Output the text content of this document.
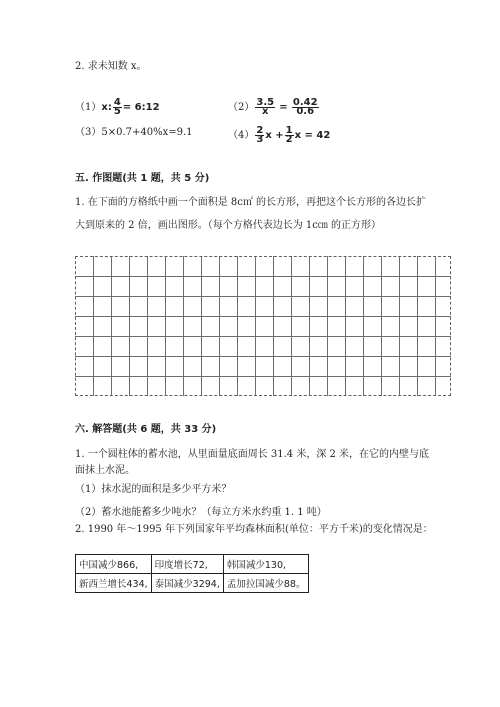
2. 求未知数 x。
（1）x: $\frac{4}{5}$ = 6:12	$(2) \frac{3.5}{x} = \frac{0.42}{0.6}$
（3）5×0.7+40%x=9.1	$(4) \frac{2}{3}$ $x + \frac{1}{2}$ x = 42
五. 作图题(共 1 题，共 5 分)
1. 在下面的方格纸中画一个面积是 8c㎡ 的长方形，再把这个长方形的各边长扩
大到原来的 2 倍，画出图形。（每个方格代表边长为 1c㎝ 的正方形）
六. 解答题(共 6 题，共 33 分)
1. 一个圆柱体的蓄水池，从里面量底面周长 31.4 米，深 2 米，在它的内壁与底
面抹上水泥。
（1）抹水泥的面积是多少平方米？
（2）蓄水池能蓄多少吨水？（每立方米水约重 1. 1 吨）
2. 1990 年～1995 年下列国家年平均森林面积(单位：平方千米)的变化情况是：
中国减少866,	印度增长72,	韩国减少130,
新西兰增长434,	泰国减少3294,	孟加拉国减少88。
